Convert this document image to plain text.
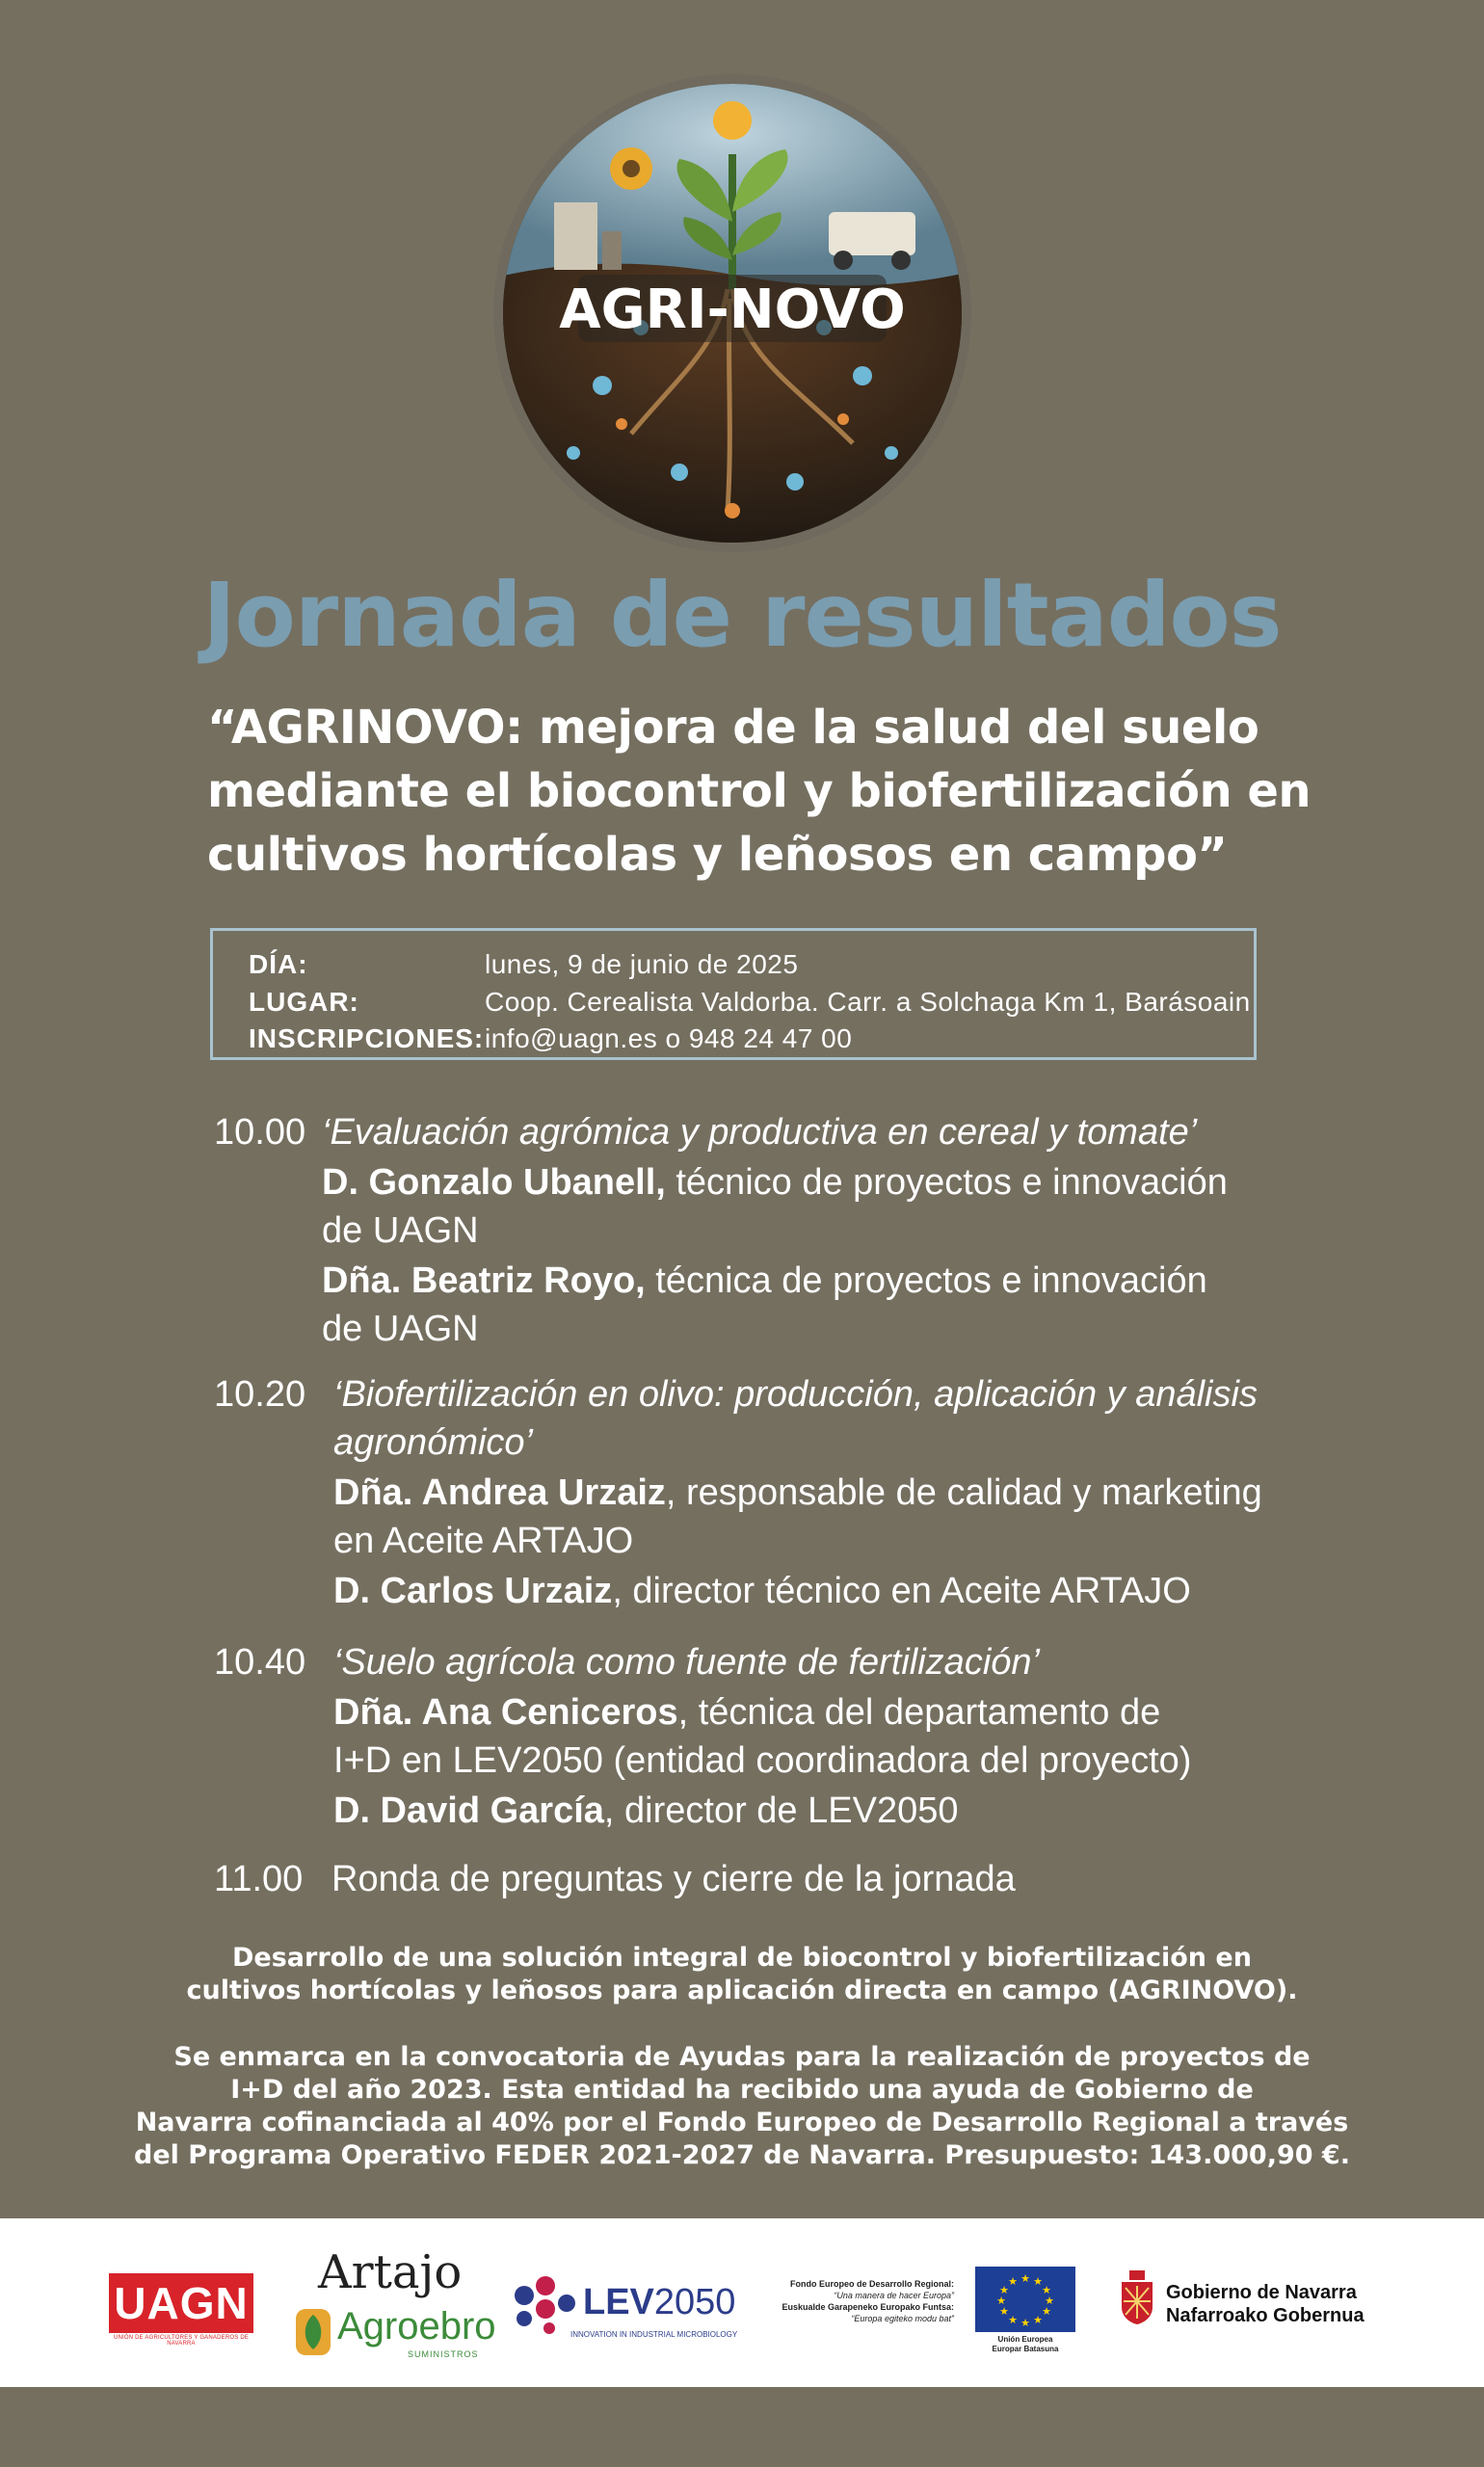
AGRI-NOVO
Jornada de resultados
“AGRINOVO: mejora de la salud del suelo
mediante el biocontrol y biofertilización en
cultivos hortícolas y leñosos en campo”
DÍA:	lunes, 9 de junio de 2025
LUGAR:	Coop. Cerealista Valdorba. Carr. a Solchaga Km 1, Barásoain
INSCRIPCIONES: info@uagn.es o 948 24 47 00
10.00 ‘Evaluación agrómica y productiva en cereal y tomate’
D. Gonzalo Ubanell, técnico de proyectos e innovación
de UAGN
Dña. Beatriz Royo, técnica de proyectos e innovación
de UAGN
10.20 ‘Biofertilización en olivo: producción, aplicación y análisis
agronómico’
Dña. Andrea Urzaiz, responsable de calidad y marketing
en Aceite ARTAJO
D. Carlos Urzaiz, director técnico en Aceite ARTAJO
10.40 ‘Suelo agrícola como fuente de fertilización’
Dña. Ana Ceniceros, técnica del departamento de
I+D en LEV2050 (entidad coordinadora del proyecto)
D. David García, director de LEV2050
11.00 Ronda de preguntas y cierre de la jornada
Desarrollo de una solución integral de biocontrol y biofertilización en
cultivos hortícolas y leñosos para aplicación directa en campo (AGRINOVO).
Se enmarca en la convocatoria de Ayudas para la realización de proyectos de
I+D del año 2023. Esta entidad ha recibido una ayuda de Gobierno de
Navarra cofinanciada al 40% por el Fondo Europeo de Desarrollo Regional a través
del Programa Operativo FEDER 2021-2027 de Navarra. Presupuesto: 143.000,90 €.
UAGN
UNIÓN DE AGRICULTORES Y GANADEROS DE NAVARRA
Artajo
Agroebro
SUMINISTROS
LEV2050
INNOVATION IN INDUSTRIAL MICROBIOLOGY
Fondo Europeo de Desarrollo Regional:
“Una manera de hacer Europa”
Euskualde Garapeneko Europako Funtsa:
“Europa egiteko modu bat”
★ ★
★
★
★
★
★
★
★
★
★
★
Unión Europea
Europar Batasuna
Gobierno de Navarra
Nafarroako Gobernua
